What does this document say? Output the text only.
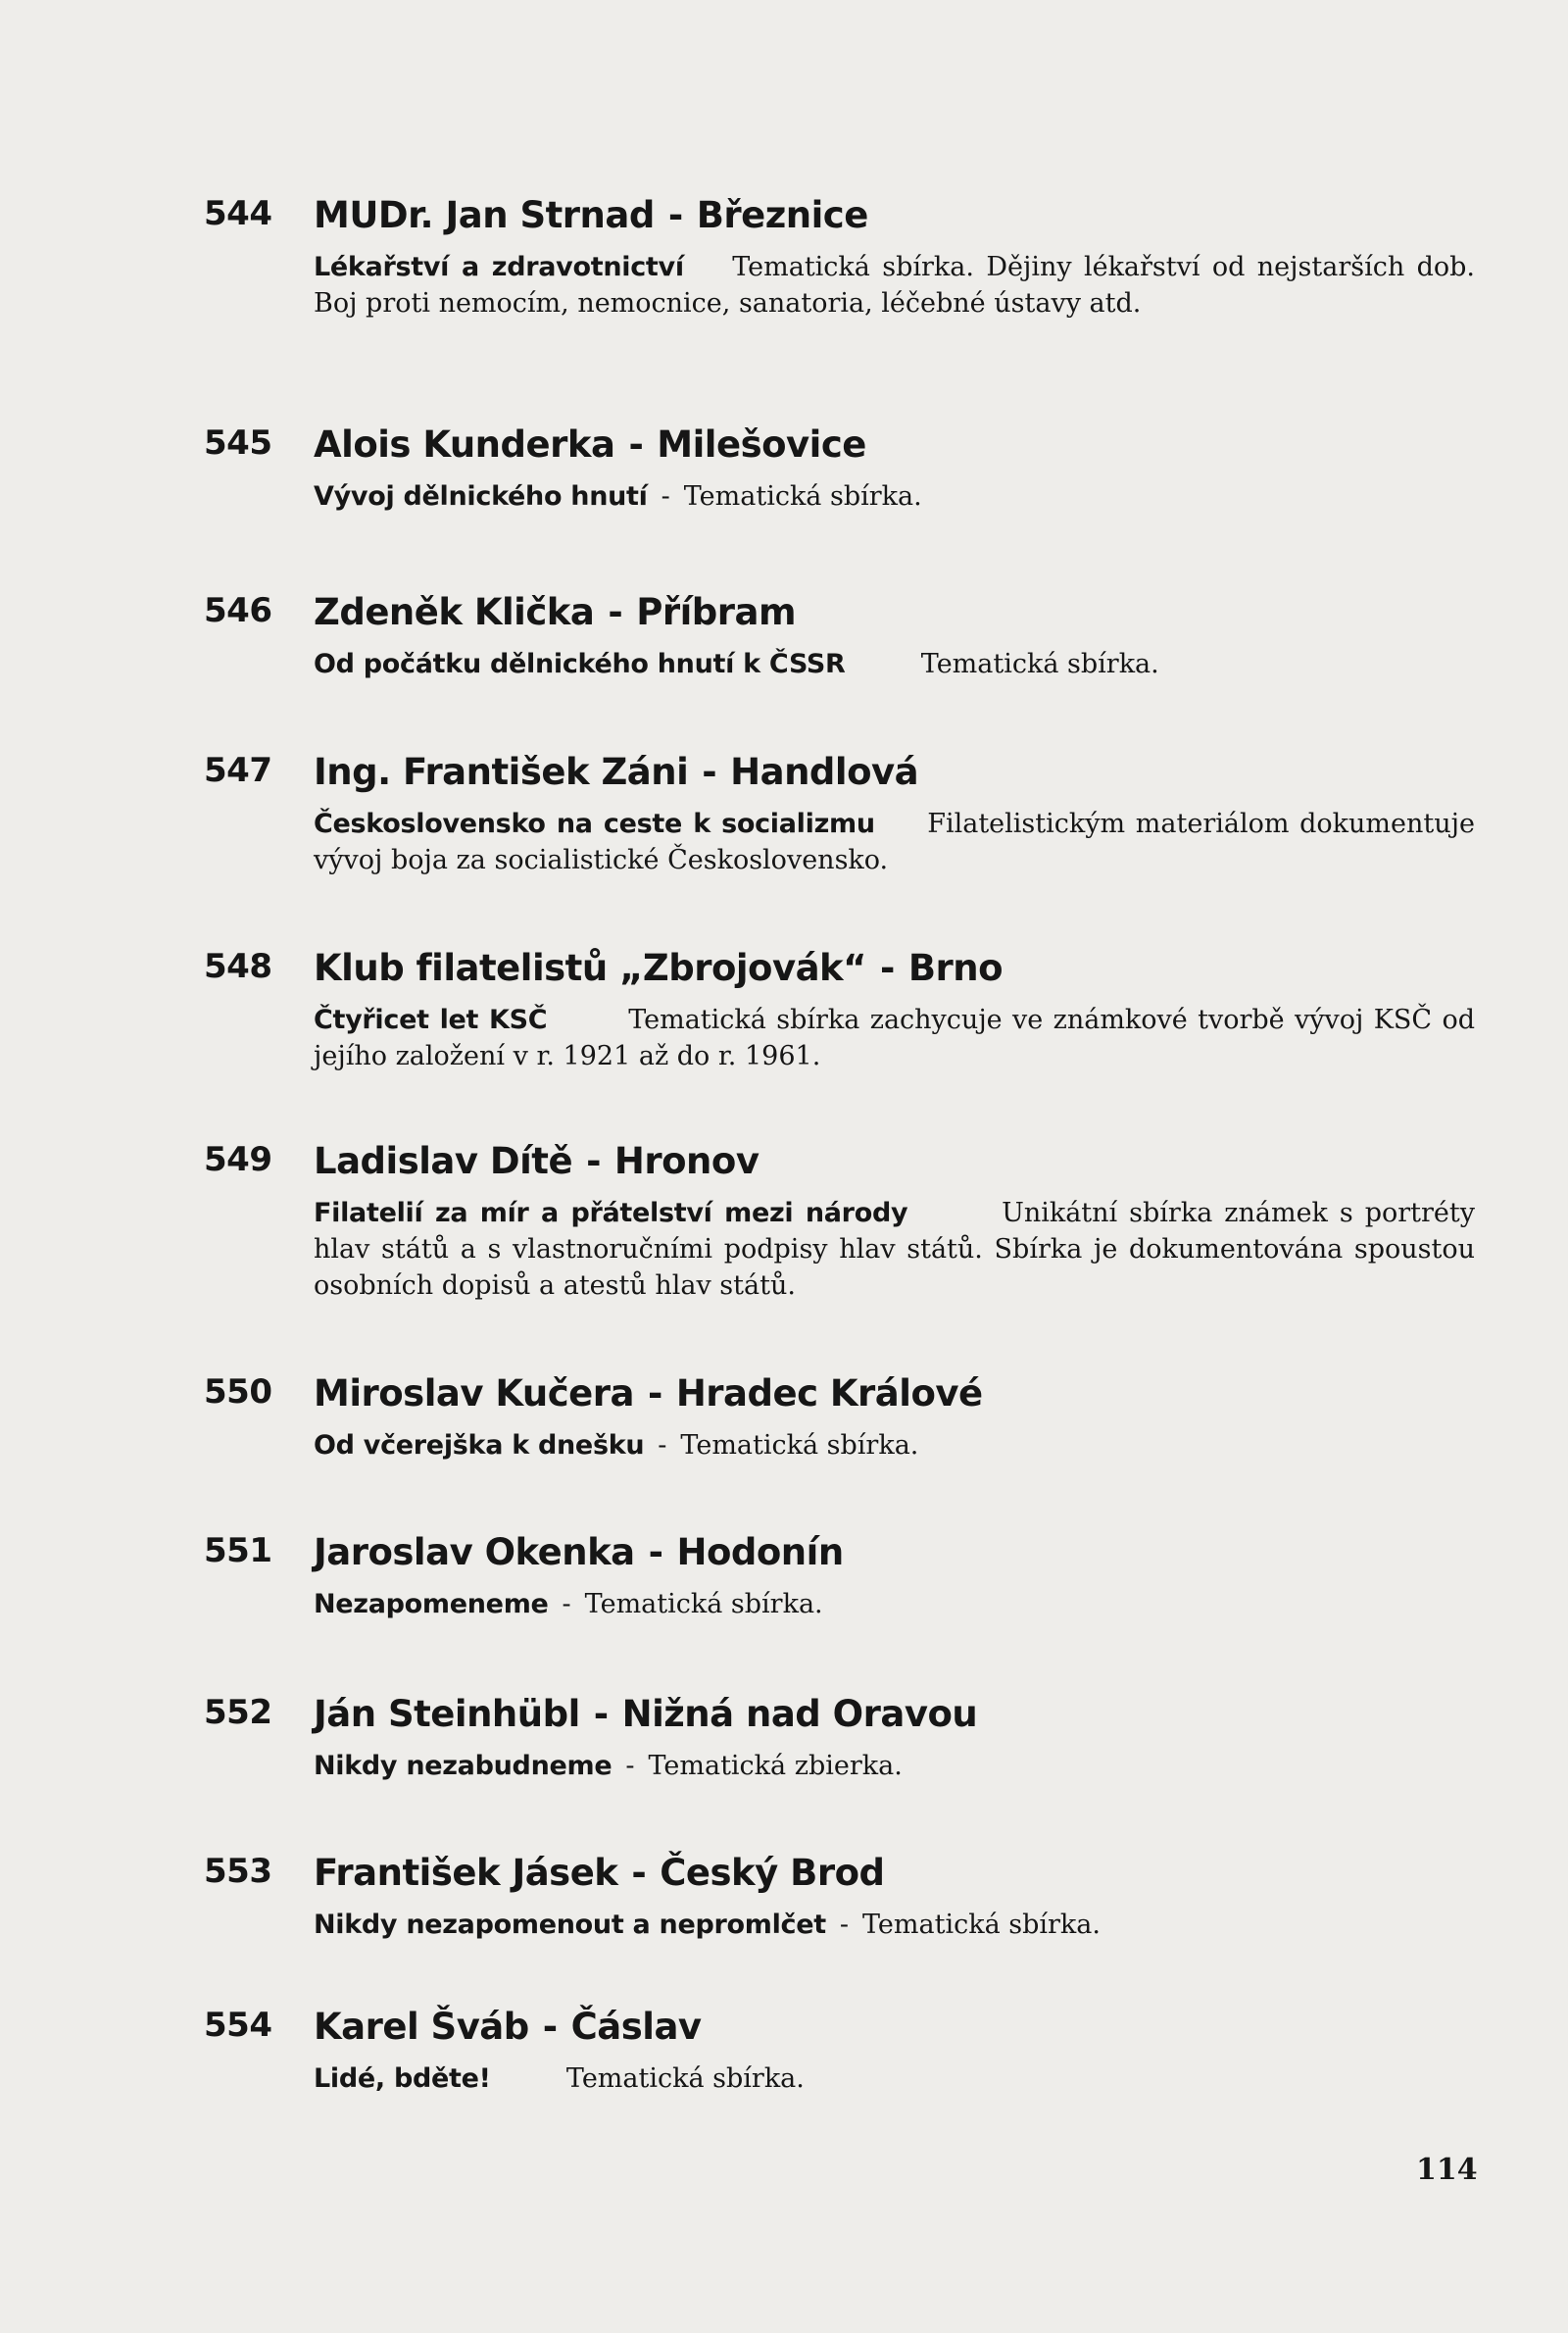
544 MUDr. Jan Strnad - Březnice
Lékařství a zdravotnictví Tematická sbírka. Dějiny lékařství od nejstarších dob. Boj proti nemocím, nemocnice, sanatoria, léčebné ústavy atd.
545 Alois Kunderka - Milešovice
Vývoj dělnického hnutí - Tematická sbírka.
546 Zdeněk Klička - Příbram
Od počátku dělnického hnutí k ČSSR	Tematická sbírka.
547 Ing. František Záni - Handlová
Československo na ceste k socializmu Filatelistickým materiálom dokumentuje vývoj boja za socialistické Československo.
548 Klub filatelistů „Zbrojovák“ - Brno
Čtyřicet let KSČ	Tematická sbírka zachycuje ve známkové tvorbě vývoj KSČ od jejího založení v r. 1921 až do r. 1961.
549 Ladislav Dítě - Hronov
Filatelií za mír a přátelství mezi národy	Unikátní sbírka známek s portréty hlav států a s vlastnoručními podpisy hlav států. Sbírka je dokumentována spoustou osobních dopisů a atestů hlav států.
550 Miroslav Kučera - Hradec Králové
Od včerejška k dnešku - Tematická sbírka.
551 Jaroslav Okenka - Hodonín
Nezapomeneme - Tematická sbírka.
552 Ján Steinhübl - Nižná nad Oravou
Nikdy nezabudneme - Tematická zbierka.
553 František Jásek - Český Brod
Nikdy nezapomenout a nepromlčet - Tematická sbírka.
554 Karel Šváb - Čáslav
Lidé, bděte!	Tematická sbírka.
114
